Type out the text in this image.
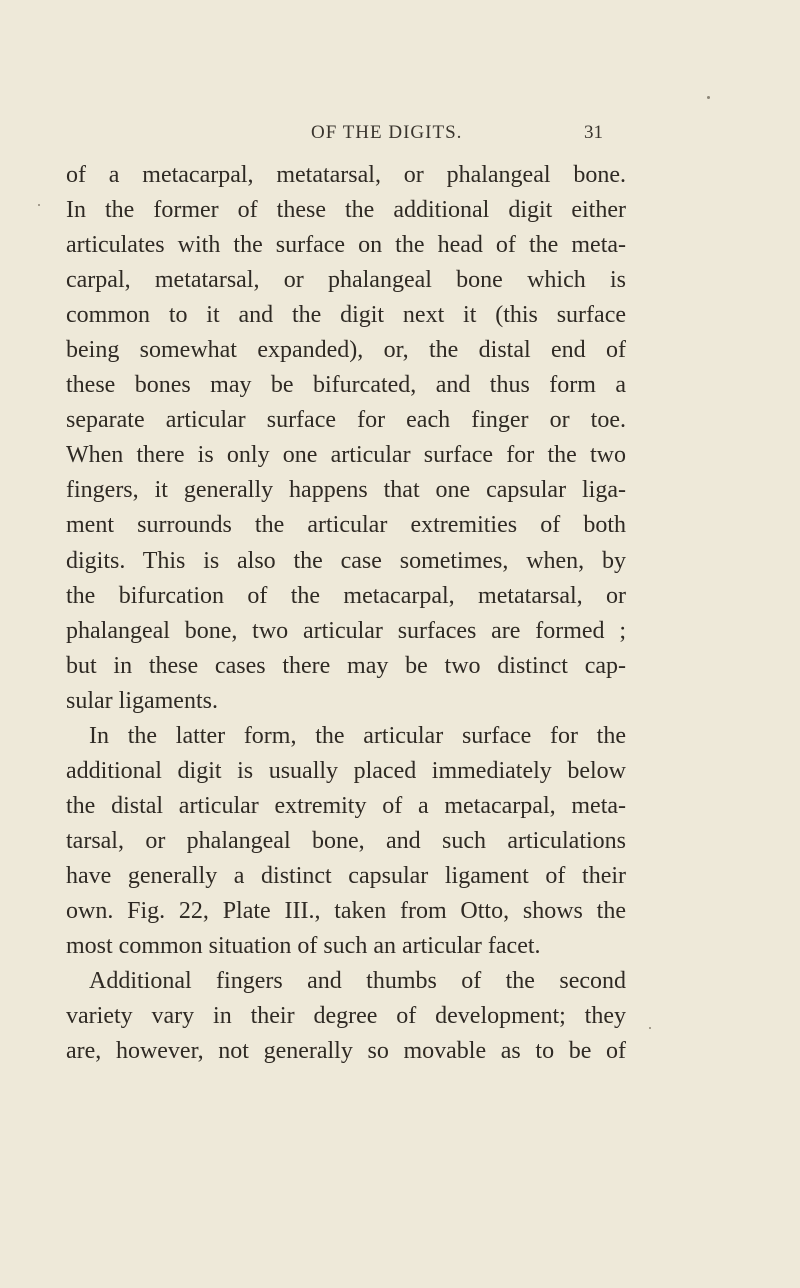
OF THE DIGITS.	31
of a metacarpal, metatarsal, or phalangeal bone.
In the former of these the additional digit either
articulates with the surface on the head of the meta-
carpal, metatarsal, or phalangeal bone which is
common to it and the digit next it (this surface
being somewhat expanded), or, the distal end of
these bones may be bifurcated, and thus form a
separate articular surface for each finger or toe.
When there is only one articular surface for the two
fingers, it generally happens that one capsular liga-
ment surrounds the articular extremities of both
digits. This is also the case sometimes, when, by
the bifurcation of the metacarpal, metatarsal, or
phalangeal bone, two articular surfaces are formed ;
but in these cases there may be two distinct cap-
sular ligaments.
In the latter form, the articular surface for the
additional digit is usually placed immediately below
the distal articular extremity of a metacarpal, meta-
tarsal, or phalangeal bone, and such articulations
have generally a distinct capsular ligament of their
own. Fig. 22, Plate III., taken from Otto, shows the
most common situation of such an articular facet.
Additional fingers and thumbs of the second
variety vary in their degree of development; they
are, however, not generally so movable as to be of
